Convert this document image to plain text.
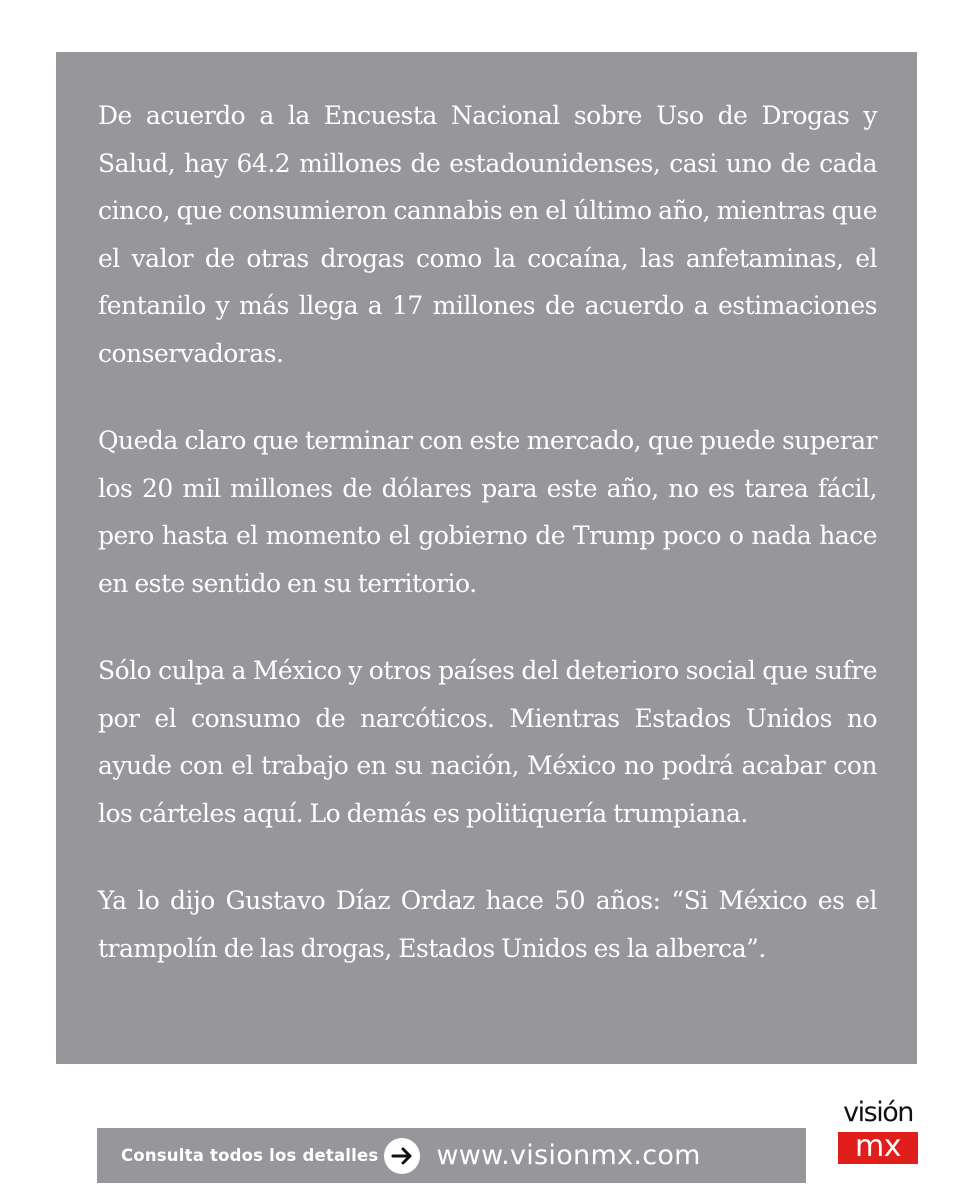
De acuerdo a la Encuesta Nacional sobre Uso de Drogas y Salud, hay 64.2 millones de estadounidenses, casi uno de cada cinco, que consumieron cannabis en el último año, mientras que el valor de otras drogas como la cocaína, las anfetaminas, el fentanilo y más llega a 17 millones de acuerdo a estimaciones conservadoras.

Queda claro que terminar con este mercado, que puede superar los 20 mil millones de dólares para este año, no es tarea fácil, pero hasta el momento el gobierno de Trump poco o nada hace en este sentido en su territorio.

Sólo culpa a México y otros países del deterioro social que sufre por el consumo de narcóticos. Mientras Estados Unidos no ayude con el trabajo en su nación, México no podrá acabar con los cárteles aquí. Lo demás es politiquería trumpiana.

Ya lo dijo Gustavo Díaz Ordaz hace 50 años: “Si México es el trampolín de las drogas, Estados Unidos es la alberca”.

visión
mx
Consulta todos los detalles www.visionmx.com
